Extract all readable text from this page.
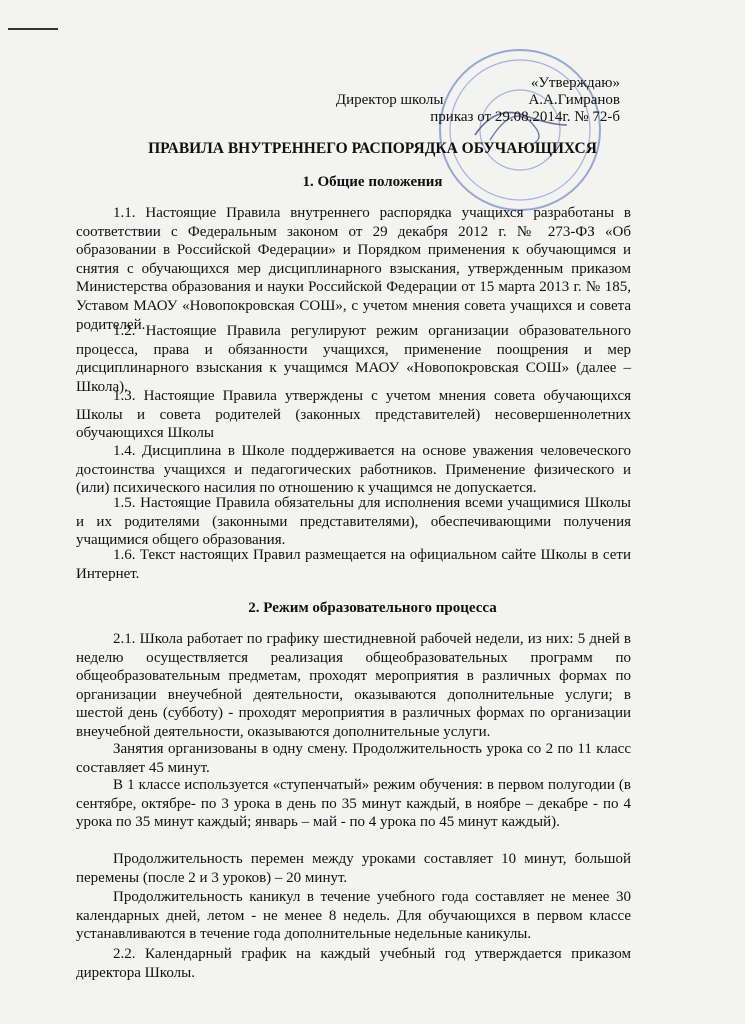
«Утверждаю»
Директор школы	А.А.Гимранов
приказ от 29.08.2014г. № 72-б
ПРАВИЛА ВНУТРЕННЕГО РАСПОРЯДКА ОБУЧАЮЩИХСЯ
1. Общие положения
1.1. Настоящие Правила внутреннего распорядка учащихся разработаны в соответствии с Федеральным законом от 29 декабря 2012 г. № 273-ФЗ «Об образовании в Российской Федерации» и Порядком применения к обучающимся и снятия с обучающихся мер дисциплинарного взыскания, утвержденным приказом Министерства образования и науки Российской Федерации от 15 марта 2013 г. № 185, Уставом МАОУ «Новопокровская СОШ», с учетом мнения совета учащихся и совета родителей.
1.2. Настоящие Правила регулируют режим организации образовательного процесса, права и обязанности учащихся, применение поощрения и мер дисциплинарного взыскания к учащимся МАОУ «Новопокровская СОШ» (далее – Школа).
1.3. Настоящие Правила утверждены с учетом мнения совета обучающихся Школы и совета родителей (законных представителей) несовершеннолетних обучающихся Школы
1.4. Дисциплина в Школе поддерживается на основе уважения человеческого достоинства учащихся и педагогических работников. Применение физического и (или) психического насилия по отношению к учащимся не допускается.
1.5. Настоящие Правила обязательны для исполнения всеми учащимися Школы и их родителями (законными представителями), обеспечивающими получения учащимися общего образования.
1.6. Текст настоящих Правил размещается на официальном сайте Школы в сети Интернет.
2. Режим образовательного процесса
2.1. Школа работает по графику шестидневной рабочей недели, из них: 5 дней в неделю осуществляется реализация общеобразовательных программ по общеобразовательным предметам, проходят мероприятия в различных формах по организации внеучебной деятельности, оказываются дополнительные услуги; в шестой день (субботу) - проходят мероприятия в различных формах по организации внеучебной деятельности, оказываются дополнительные услуги.
Занятия организованы в одну смену. Продолжительность урока со 2 по 11 класс составляет 45 минут.
В 1 классе используется «ступенчатый» режим обучения: в первом полугодии (в сентябре, октябре- по 3 урока в день по 35 минут каждый, в ноябре – декабре - по 4 урока по 35 минут каждый; январь – май - по 4 урока по 45 минут каждый).
Продолжительность перемен между уроками составляет 10 минут, большой перемены (после 2 и 3 уроков) – 20 минут.
Продолжительность каникул в течение учебного года составляет не менее 30 календарных дней, летом - не менее 8 недель. Для обучающихся в первом классе устанавливаются в течение года дополнительные недельные каникулы.
2.2. Календарный график на каждый учебный год утверждается приказом директора Школы.
